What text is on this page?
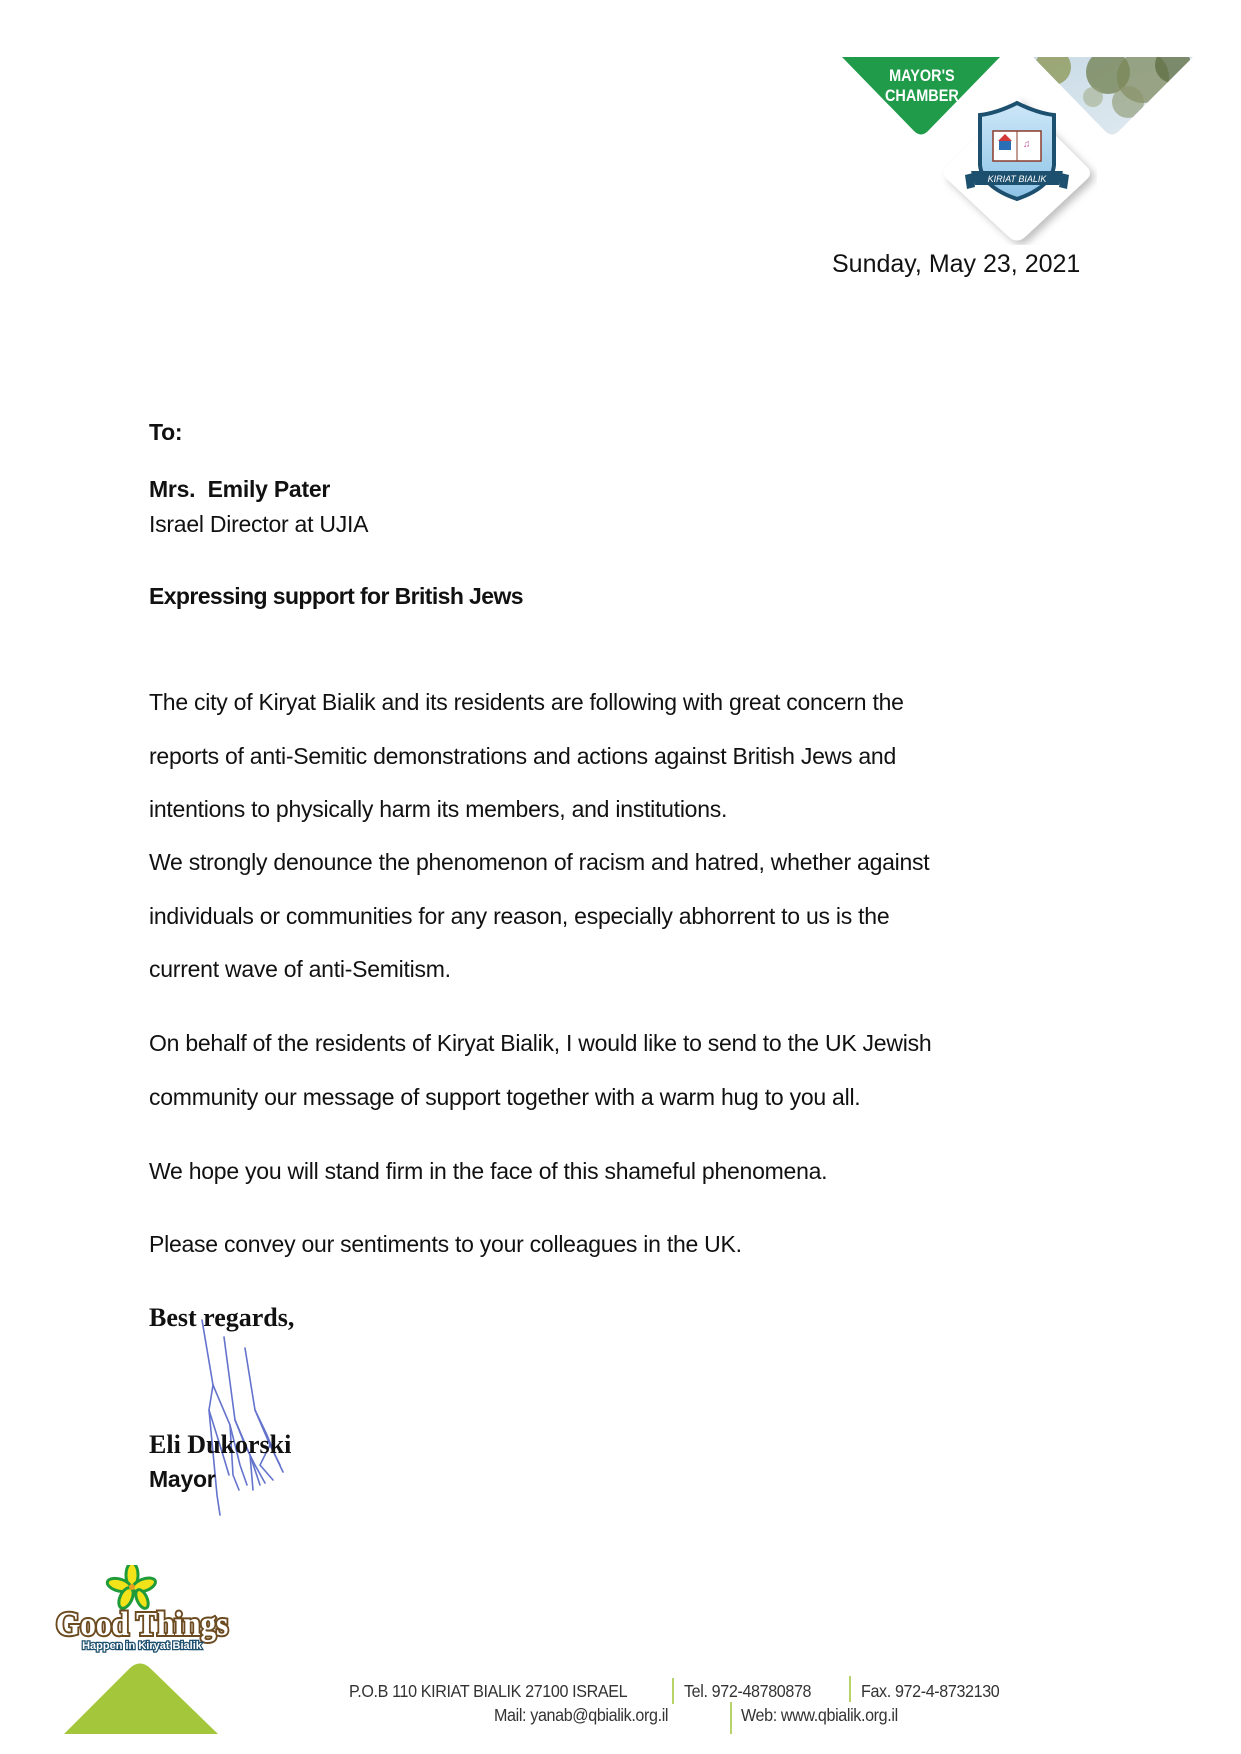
MAYOR'S
CHAMBER
♫
KIRIAT BIALIK
Sunday, May 23, 2021
To:
Mrs.  Emily Pater
Israel Director at UJIA
Expressing support for British Jews
The city of Kiryat Bialik and its residents are following with great concern the
reports of anti-Semitic demonstrations and actions against British Jews and
intentions to physically harm its members, and institutions.
We strongly denounce the phenomenon of racism and hatred, whether against
individuals or communities for any reason, especially abhorrent to us is the
current wave of anti-Semitism.
On behalf of the residents of Kiryat Bialik, I would like to send to the UK Jewish
community our message of support together with a warm hug to you all.
We hope you will stand firm in the face of this shameful phenomena.
Please convey our sentiments to your colleagues in the UK.
Best regards,
Eli Dukorski
Mayor
Good Things
Happen in Kiryat Bialik
P.O.B 110 KIRIAT BIALIK 27100 ISRAEL	Tel. 972-48780878	Fax. 972-4-8732130
Mail: yanab@qbialik.org.il	Web: www.qbialik.org.il
